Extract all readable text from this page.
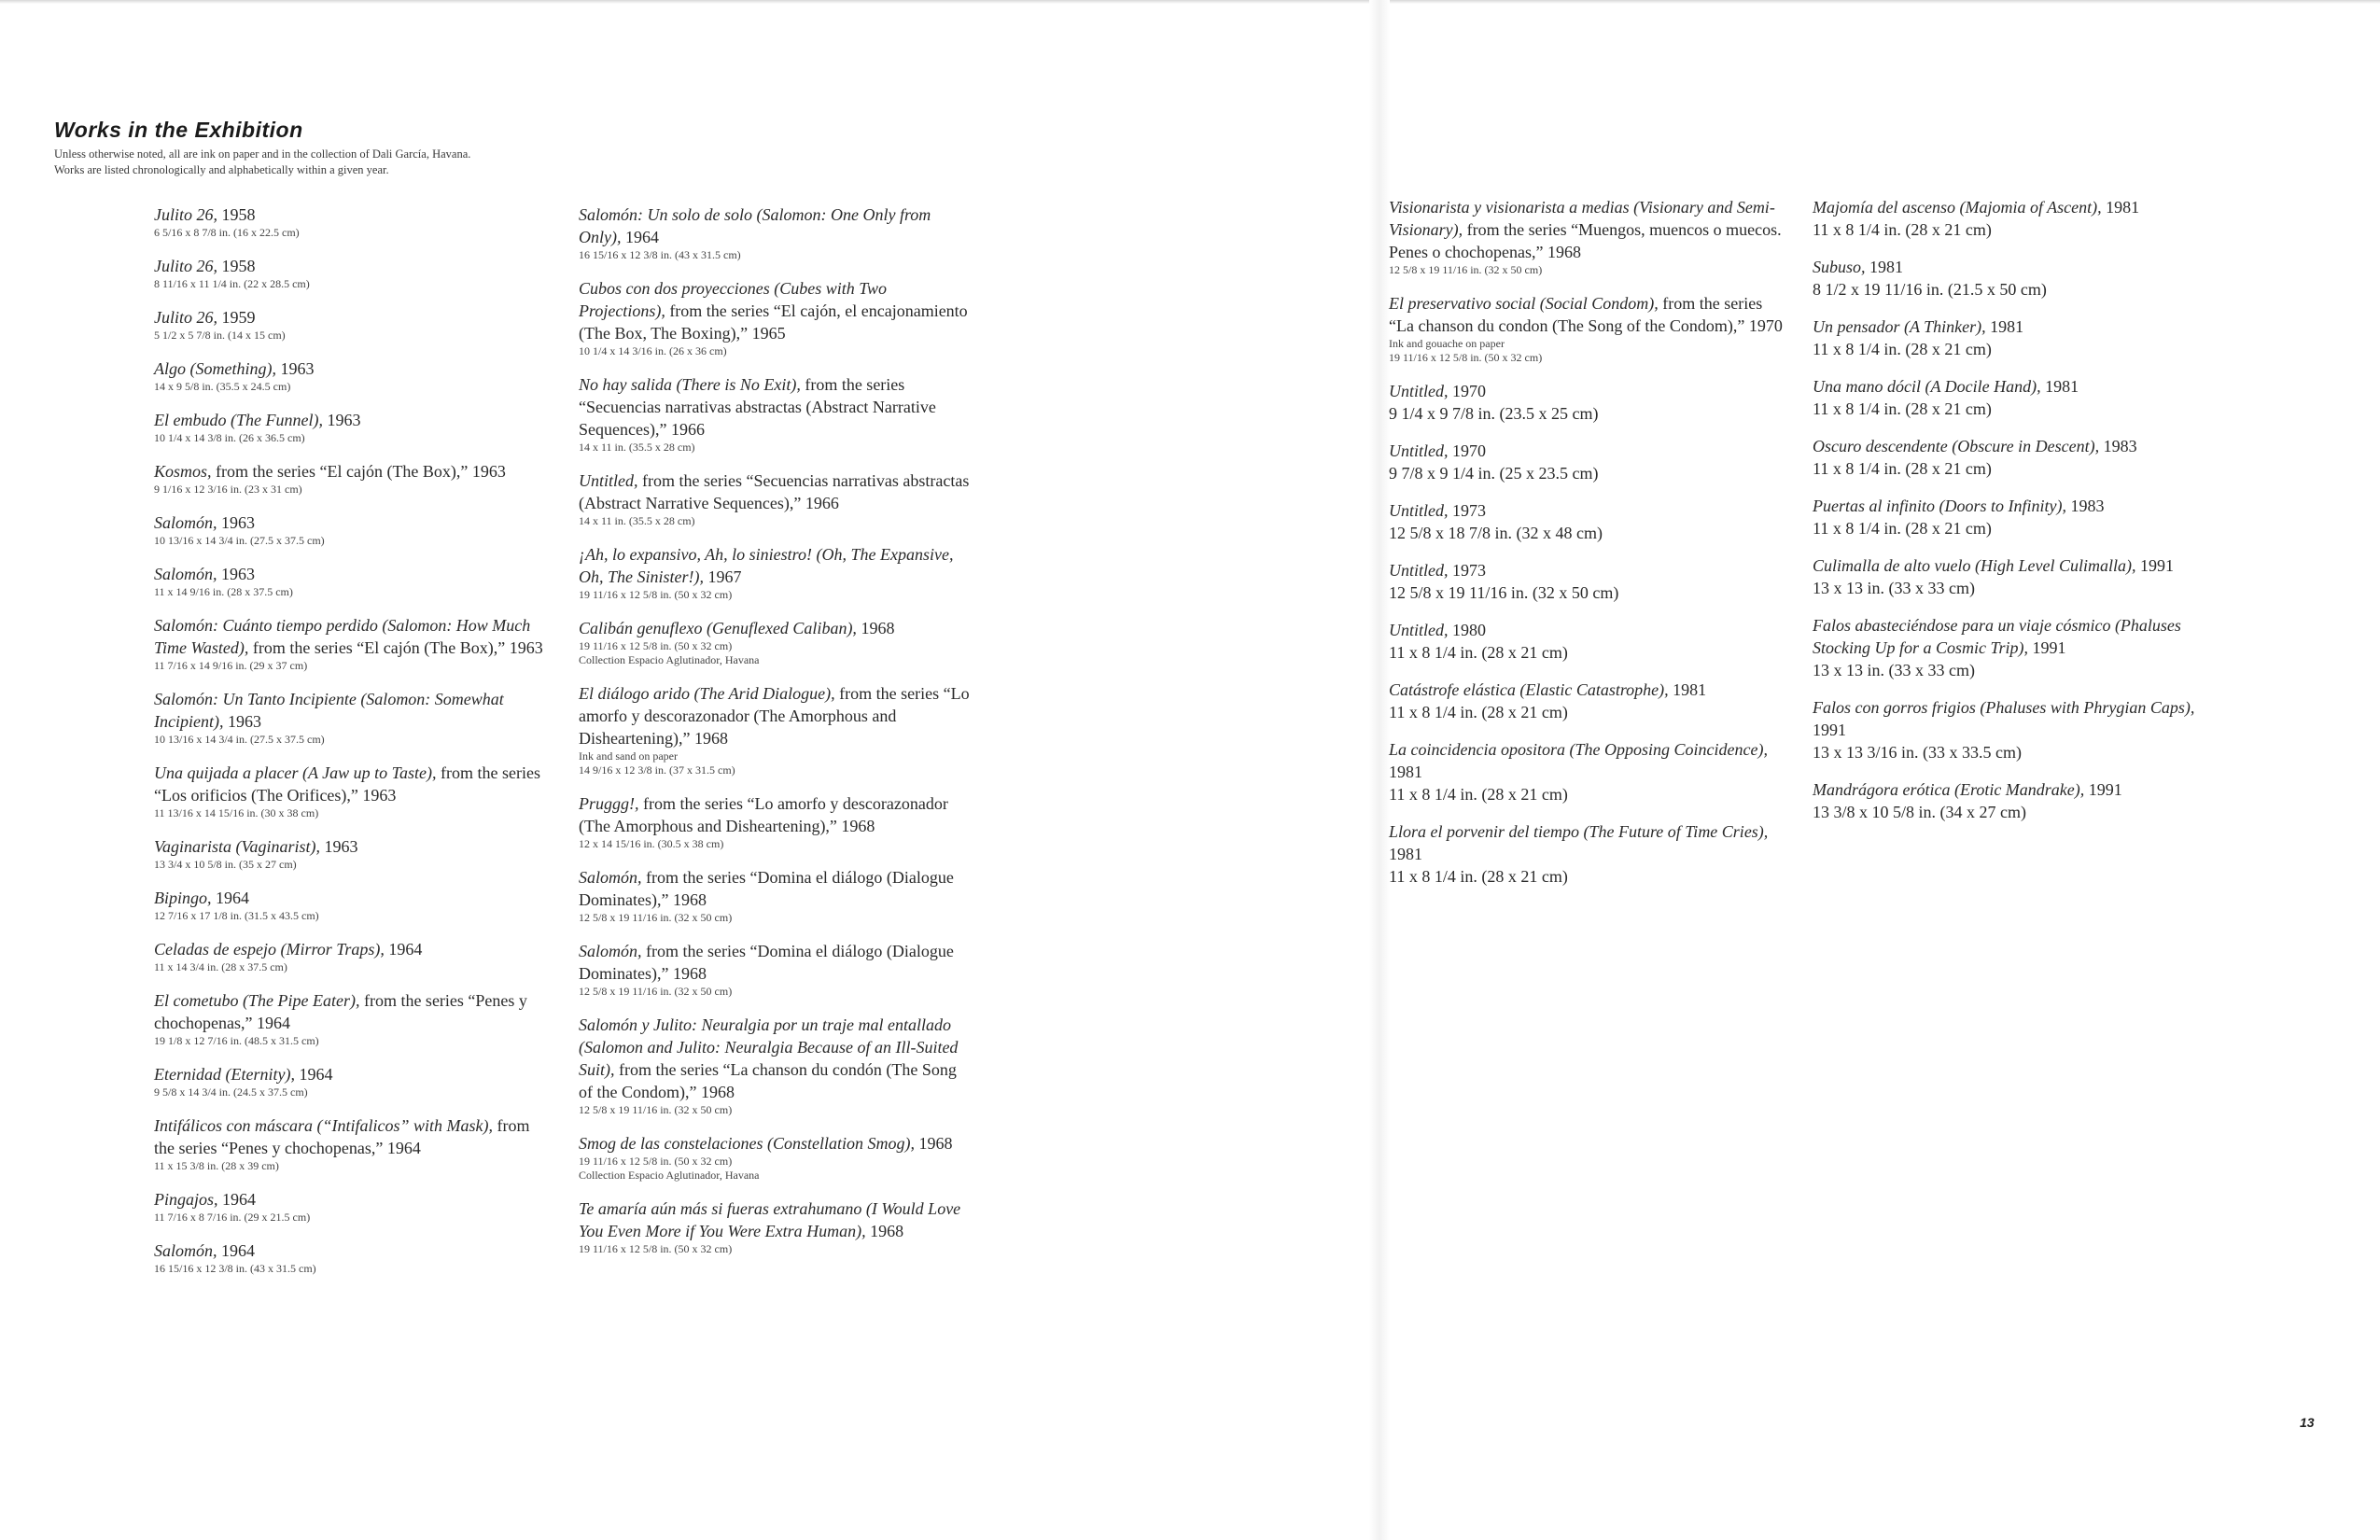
Works in the Exhibition

Unless otherwise noted, all are ink on paper and in the collection of Dali García, Havana.

Works are listed chronologically and alphabetically within a given year.

Julito 26, 1958
6 5/16 x 8 7/8 in. (16 x 22.5 cm)
Julito 26, 1958
8 11/16 x 11 1/4 in. (22 x 28.5 cm)
Julito 26, 1959
5 1/2 x 5 7/8 in. (14 x 15 cm)
Algo (Something), 1963
14 x 9 5/8 in. (35.5 x 24.5 cm)
El embudo (The Funnel), 1963
10 1/4 x 14 3/8 in. (26 x 36.5 cm)
Kosmos, from the series “El cajón (The Box),” 1963
9 1/16 x 12 3/16 in. (23 x 31 cm)
Salomón, 1963
10 13/16 x 14 3/4 in. (27.5 x 37.5 cm)
Salomón, 1963
11 x 14 9/16 in. (28 x 37.5 cm)
Salomón: Cuánto tiempo perdido (Salomon: How Much Time Wasted), from the series “El cajón (The Box),” 1963
11 7/16 x 14 9/16 in. (29 x 37 cm)
Salomón: Un Tanto Incipiente (Salomon: Somewhat Incipient), 1963
10 13/16 x 14 3/4 in. (27.5 x 37.5 cm)
Una quijada a placer (A Jaw up to Taste), from the series “Los orificios (The Orifices),” 1963
11 13/16 x 14 15/16 in. (30 x 38 cm)
Vaginarista (Vaginarist), 1963
13 3/4 x 10 5/8 in. (35 x 27 cm)
Bipingo, 1964
12 7/16 x 17 1/8 in. (31.5 x 43.5 cm)
Celadas de espejo (Mirror Traps), 1964
11 x 14 3/4 in. (28 x 37.5 cm)
El cometubo (The Pipe Eater), from the series “Penes y chochopenas,” 1964
19 1/8 x 12 7/16 in. (48.5 x 31.5 cm)
Eternidad (Eternity), 1964
9 5/8 x 14 3/4 in. (24.5 x 37.5 cm)
Intifálicos con máscara (“Intifalicos” with Mask), from the series “Penes y chochopenas,” 1964
11 x 15 3/8 in. (28 x 39 cm)
Pingajos, 1964
11 7/16 x 8 7/16 in. (29 x 21.5 cm)
Salomón, 1964
16 15/16 x 12 3/8 in. (43 x 31.5 cm)
Salomón: Un solo de solo (Salomon: One Only from Only), 1964
16 15/16 x 12 3/8 in. (43 x 31.5 cm)
Cubos con dos proyecciones (Cubes with Two Projections), from the series “El cajón, el encajonamiento (The Box, The Boxing),” 1965
10 1/4 x 14 3/16 in. (26 x 36 cm)
No hay salida (There is No Exit), from the series “Secuencias narrativas abstractas (Abstract Narrative Sequences),” 1966
14 x 11 in. (35.5 x 28 cm)
Untitled, from the series “Secuencias narrativas abstractas (Abstract Narrative Sequences),” 1966
14 x 11 in. (35.5 x 28 cm)
¡Ah, lo expansivo, Ah, lo siniestro! (Oh, The Expansive, Oh, The Sinister!), 1967
19 11/16 x 12 5/8 in. (50 x 32 cm)
Calibán genuflexo (Genuflexed Caliban), 1968
19 11/16 x 12 5/8 in. (50 x 32 cm)
Collection Espacio Aglutinador, Havana
El diálogo arido (The Arid Dialogue), from the series “Lo amorfo y descorazonador (The Amorphous and Disheartening),” 1968
Ink and sand on paper
14 9/16 x 12 3/8 in. (37 x 31.5 cm)
Pruggg!, from the series “Lo amorfo y descorazonador (The Amorphous and Disheartening),” 1968
12 x 14 15/16 in. (30.5 x 38 cm)
Salomón, from the series “Domina el diálogo (Dialogue Dominates),” 1968
12 5/8 x 19 11/16 in. (32 x 50 cm)
Salomón, from the series “Domina el diálogo (Dialogue Dominates),” 1968
12 5/8 x 19 11/16 in. (32 x 50 cm)
Salomón y Julito: Neuralgia por un traje mal entallado (Salomon and Julito: Neuralgia Because of an Ill-Suited Suit), from the series “La chanson du condón (The Song of the Condom),” 1968
12 5/8 x 19 11/16 in. (32 x 50 cm)
Smog de las constelaciones (Constellation Smog), 1968
19 11/16 x 12 5/8 in. (50 x 32 cm)
Collection Espacio Aglutinador, Havana
Te amaría aún más si fueras extrahumano (I Would Love You Even More if You Were Extra Human), 1968
19 11/16 x 12 5/8 in. (50 x 32 cm)
Visionarista y visionarista a medias (Visionary and Semi-Visionary), from the series “Muengos, muencos o muecos. Penes o chochopenas,” 1968
12 5/8 x 19 11/16 in. (32 x 50 cm)
El preservativo social (Social Condom), from the series “La chanson du condon (The Song of the Condom),” 1970
Ink and gouache on paper
19 11/16 x 12 5/8 in. (50 x 32 cm)
Untitled, 1970
9 1/4 x 9 7/8 in. (23.5 x 25 cm)
Untitled, 1970
9 7/8 x 9 1/4 in. (25 x 23.5 cm)
Untitled, 1973
12 5/8 x 18 7/8 in. (32 x 48 cm)
Untitled, 1973
12 5/8 x 19 11/16 in. (32 x 50 cm)
Untitled, 1980
11 x 8 1/4 in. (28 x 21 cm)
Catástrofe elástica (Elastic Catastrophe), 1981
11 x 8 1/4 in. (28 x 21 cm)
La coincidencia opositora (The Opposing Coincidence), 1981
11 x 8 1/4 in. (28 x 21 cm)
Llora el porvenir del tiempo (The Future of Time Cries), 1981
11 x 8 1/4 in. (28 x 21 cm)
Majomía del ascenso (Majomia of Ascent), 1981
11 x 8 1/4 in. (28 x 21 cm)
Subuso, 1981
8 1/2 x 19 11/16 in. (21.5 x 50 cm)
Un pensador (A Thinker), 1981
11 x 8 1/4 in. (28 x 21 cm)
Una mano dócil (A Docile Hand), 1981
11 x 8 1/4 in. (28 x 21 cm)
Oscuro descendente (Obscure in Descent), 1983
11 x 8 1/4 in. (28 x 21 cm)
Puertas al infinito (Doors to Infinity), 1983
11 x 8 1/4 in. (28 x 21 cm)
Culimalla de alto vuelo (High Level Culimalla), 1991
13 x 13 in. (33 x 33 cm)
Falos abasteciéndose para un viaje cósmico (Phaluses Stocking Up for a Cosmic Trip), 1991
13 x 13 in. (33 x 33 cm)
Falos con gorros frigios (Phaluses with Phrygian Caps), 1991
13 x 13 3/16 in. (33 x 33.5 cm)
Mandrágora erótica (Erotic Mandrake), 1991
13 3/8 x 10 5/8 in. (34 x 27 cm)
13
